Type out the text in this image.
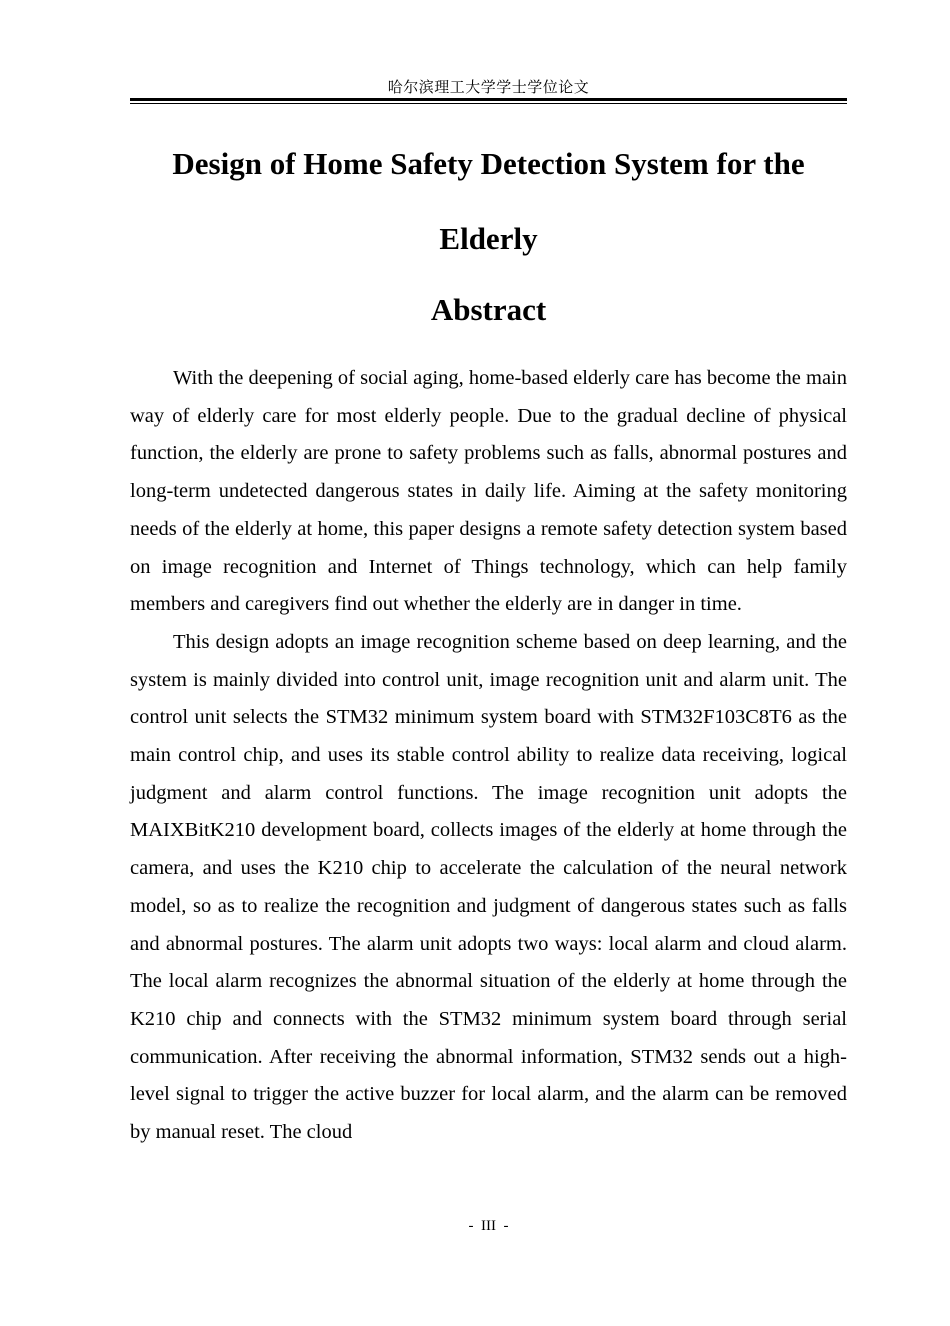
哈尔滨理工大学学士学位论文
Design of Home Safety Detection System for the Elderly
Abstract

With the deepening of social aging, home-based elderly care has become the main way of elderly care for most elderly people. Due to the gradual decline of physical function, the elderly are prone to safety problems such as falls, abnormal postures and long-term undetected dangerous states in daily life. Aiming at the safety monitoring needs of the elderly at home, this paper designs a remote safety detection system based on image recognition and Internet of Things technology, which can help family members and caregivers find out whether the elderly are in danger in time.

This design adopts an image recognition scheme based on deep learning, and the system is mainly divided into control unit, image recognition unit and alarm unit. The control unit selects the STM32 minimum system board with STM32F103C8T6 as the main control chip, and uses its stable control ability to realize data receiving, logical judgment and alarm control functions. The image recognition unit adopts the MAIXBitK210 development board, collects images of the elderly at home through the camera, and uses the K210 chip to accelerate the calculation of the neural network model, so as to realize the recognition and judgment of dangerous states such as falls and abnormal postures. The alarm unit adopts two ways: local alarm and cloud alarm. The local alarm recognizes the abnormal situation of the elderly at home through the K210 chip and connects with the STM32 minimum system board through serial communication. After receiving the abnormal information, STM32 sends out a high-level signal to trigger the active buzzer for local alarm, and the alarm can be removed by manual reset. The cloud

-  III  -
